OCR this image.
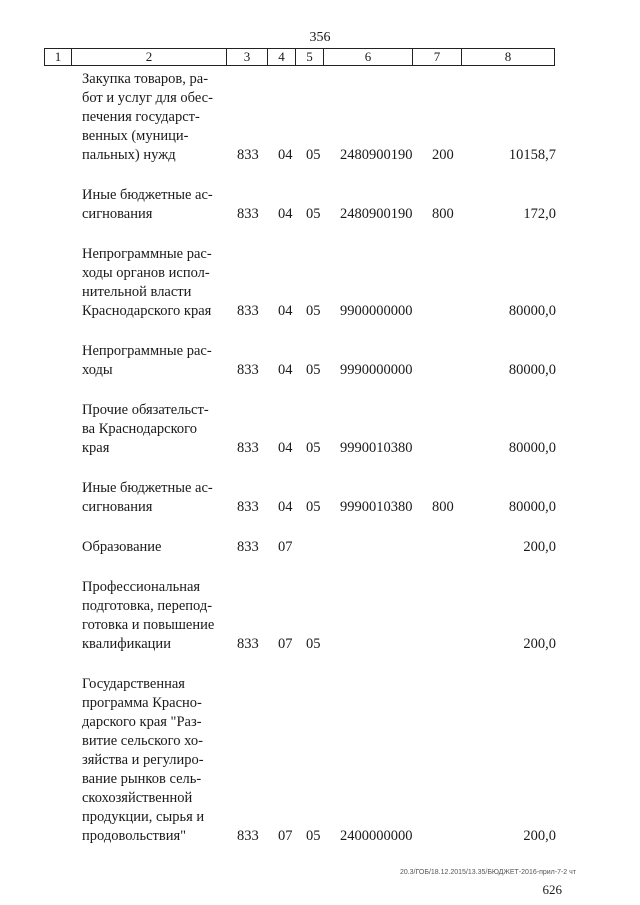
356
1	2	3	4	5	6	7	8
Закупка товаров, ра-
бот и услуг для обес-
печения государст-
венных (муници-
пальных) нужд	833 04 05 2480900190 200	10158,7
Иные бюджетные ас-
сигнования	833 04 05 2480900190 800	172,0
Непрограммные рас-
ходы органов испол-
нительной власти
Краснодарского края	833 04 05 9900000000	80000,0
Непрограммные рас-
ходы	833 04 05 9990000000	80000,0
Прочие обязательст-
ва Краснодарского
края	833 04 05 9990010380	80000,0
Иные бюджетные ас-
сигнования	833 04 05 9990010380 800	80000,0
Образование	833 07	200,0
Профессиональная
подготовка, перепод-
готовка и повышение
квалификации	833 07 05	200,0
Государственная
программа Красно-
дарского края "Раз-
витие сельского хо-
зяйства и регулиро-
вание рынков сель-
скохозяйственной
продукции, сырья и
продовольствия"	833 07 05 2400000000	200,0
20.3/ГОБ/18.12.2015/13.35/БЮДЖЕТ-2016-прил-7-2 чт
626
